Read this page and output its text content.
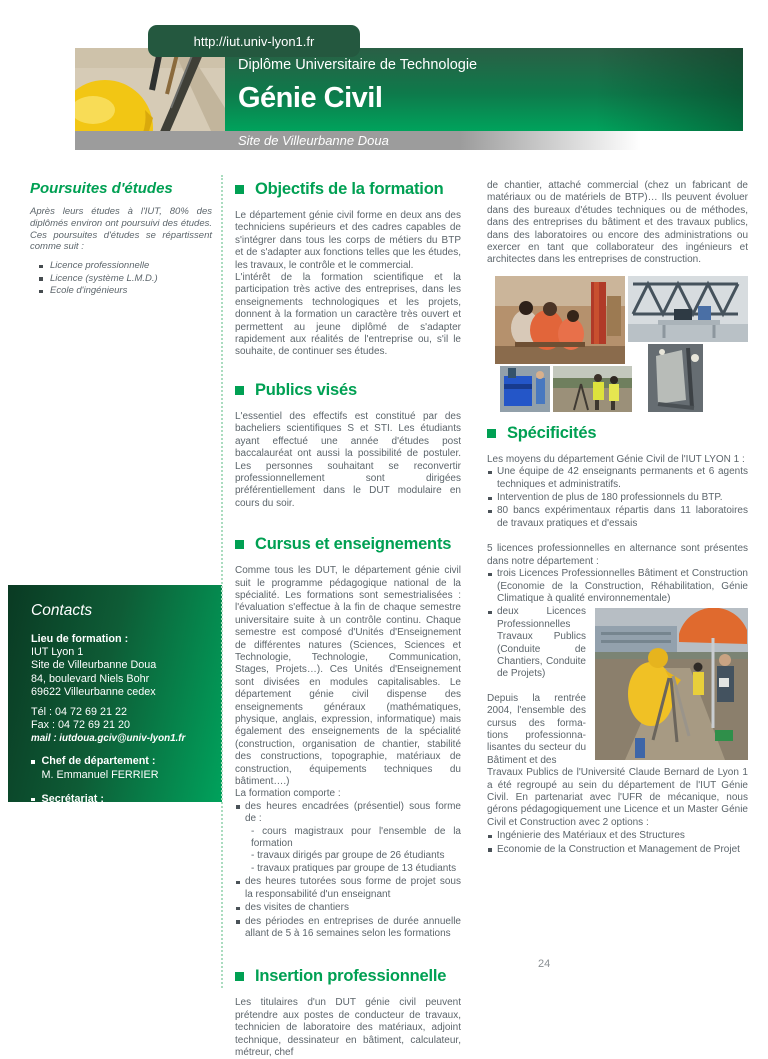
http://iut.univ-lyon1.fr
Diplôme Universitaire de Technologie
Génie Civil
Site de Villeurbanne Doua
Poursuites d'études
Après leurs études à l'IUT, 80% des diplômés environ ont poursuivi des études. Ces poursuites d'études se répartissent comme suit :
Licence professionnelle
Licence (système L.M.D.)
Ecole d'ingénieurs
Contacts
Lieu de formation :
IUT Lyon 1
Site de Villeurbanne Doua
84, boulevard Niels Bohr
69622 Villeurbanne cedex
Tél : 04 72 69 21 22
Fax : 04 72 69 21 20
mail : iutdoua.gciv@univ-lyon1.fr
Chef de département :
M. Emmanuel FERRIER
Secrétariat :
Mme Pascale KOUROUMA
Mme Catherine PION-ROUX
Objectifs de la formation

Le département génie civil forme en deux ans des techniciens supérieurs et des cadres capables de s'intégrer dans tous les corps de métiers du BTP et de s'adapter aux fonctions telles que les études, les travaux, le contrôle et le commercial.

L'intérêt de la formation scientifique et la participation très active des entreprises, dans les enseignements technologiques et les projets, donnent à la formation un caractère très ouvert et permettent au jeune diplômé de s'adapter rapidement aux réalités de l'entreprise ou, s'il le souhaite, de continuer ses études.

Publics visés

L'essentiel des effectifs est constitué par des bacheliers scientifiques S et STI. Les étudiants ayant effectué une année d'études post baccalauréat ont aussi la possibilité de postuler. Les personnes souhaitant se reconvertir professionnellement sont dirigées préférentiellement dans le DUT modulaire en cours du soir.

Cursus et enseignements

Comme tous les DUT, le département génie civil suit le programme pédagogique national de la spécialité. Les formations sont semestrialisées : l'évaluation s'effectue à la fin de chaque semestre universitaire suite à un contrôle continu. Chaque semestre est composé d'Unités d'Enseignement de différentes natures (Sciences, Sciences et Technologie, Technologie, Communication, Stages, Projets…). Ces Unités d'Enseignement sont divisées en modules capitalisables. Le département génie civil dispense des enseignements généraux (mathématiques, physique, anglais, expression, informatique) mais également des enseignements de la spécialité (construction, organisation de chantier, stabilité des constructions, topographie, matériaux de construction, équipements techniques du bâtiment….)

La formation comporte :

des heures encadrées (présentiel) sous forme de :
- cours magistraux pour l'ensemble de la formation
- travaux dirigés par groupe de 26 étudiants
- travaux pratiques par groupe de 13 étudiants
des heures tutorées sous forme de projet sous la responsabilité d'un enseignant
des visites de chantiers
des périodes en entreprises de durée annuelle allant de 5 à 16 semaines selon les formations
Insertion professionnelle

Les titulaires d'un DUT génie civil peuvent prétendre aux postes de conducteur de travaux, technicien de laboratoire des matériaux, adjoint technique, dessinateur en bâtiment, calculateur, métreur, chef

de chantier, attaché commercial (chez un fabricant de matériaux ou de matériels de BTP)… Ils peuvent évoluer dans des bureaux d'études techniques ou de méthodes, dans des entreprises du bâtiment et des travaux publics, dans des laboratoires ou encore des administrations ou exercer en tant que collaborateur des ingénieurs et architectes dans les entreprises de construction.

Spécificités

Les moyens du département Génie Civil de l'IUT LYON 1 :

Une équipe de 42 enseignants permanents et 6 agents techniques et administratifs.
Intervention de plus de 180 professionnels du BTP.
80 bancs expérimentaux répartis dans 11 laboratoires de travaux pratiques et d'essais

5 licences professionnelles en alternance sont présentes dans notre département :

trois Licences Professionnelles Bâtiment et Construction (Economie de la Construction, Réhabilitation, Génie Climatique à qualité environnementale)
deux Licences Professionnelles Travaux Publics (Conduite de Chantiers, Conduite de Projets)

Depuis la rentrée 2004, l'ensemble des cursus des forma-tions professionna-lisantes du secteur du Bâtiment et des

Travaux Publics de l'Université Claude Bernard de Lyon 1 a été regroupé au sein du département de l'IUT Génie Civil. En partenariat avec l'UFR de mécanique, nous gérons pédagogiquement une Licence et un Master Génie Civil et Construction avec 2 options :

Ingénierie des Matériaux et des Structures
Economie de la Construction et Management de Projet
24
